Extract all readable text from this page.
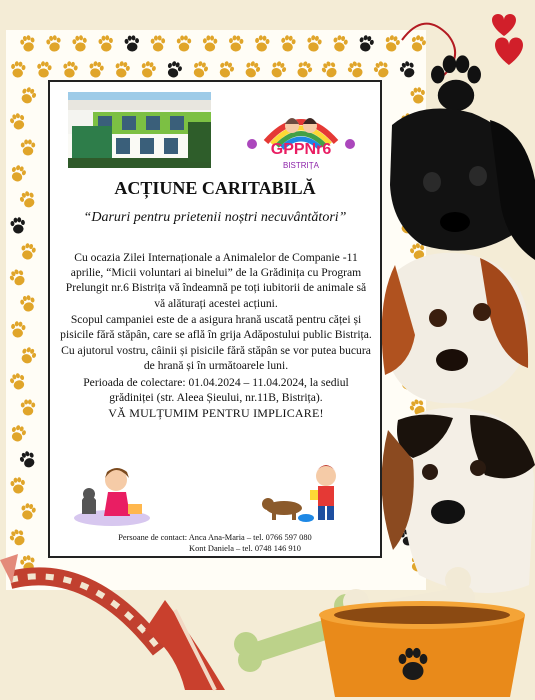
GPPNr6
BISTRIȚA
ACȚIUNE CARITABILĂ
“Daruri pentru prietenii noștri necuvântători”

Cu ocazia Zilei Internaționale a Animalelor de Companie -11 aprilie, “Micii voluntari ai binelui” de la Grădinița cu Program Prelungit nr.6 Bistrița vă îndeamnă pe toți iubitorii de animale să vă alăturați acestei acțiuni.

Scopul campaniei este de a asigura hrană uscată pentru căței și pisicile fără stăpân, care se află în grija Adăpostului public Bistrița.

Cu ajutorul vostru, câinii și pisicile fără stăpân se vor putea bucura de hrană și în următoarele luni.

Perioada de colectare: 01.04.2024 – 11.04.2024, la sediul grădiniței (str. Aleea Șieului, nr.11B, Bistrița).

VĂ MULȚUMIM PENTRU IMPLICARE!

Persoane de contact: Anca Ana-Maria – tel. 0766 597 080
Kont Daniela – tel. 0748 146 910
